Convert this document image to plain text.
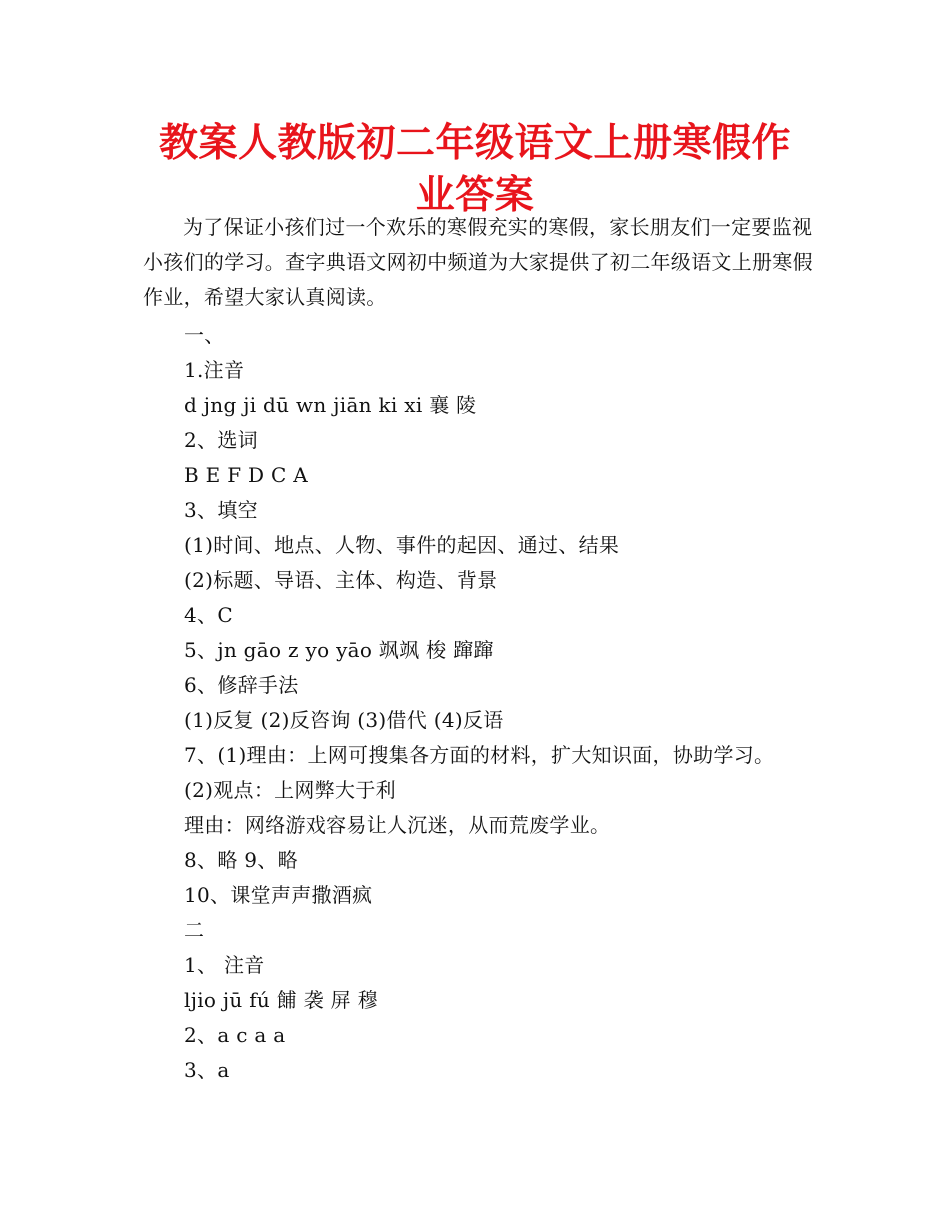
教案人教版初二年级语文上册寒假作业答案
为了保证小孩们过一个欢乐的寒假充实的寒假，家长朋友们一定要监视小孩们的学习。查字典语文网初中频道为大家提供了初二年级语文上册寒假作业，希望大家认真阅读。
一、
1.注音
d jng ji dū wn jiān ki xi 襄 陵
2、选词
B E F D C A
3、填空
(1)时间、地点、人物、事件的起因、通过、结果
(2)标题、导语、主体、构造、背景
4、C
5、jn gāo z yo yāo 飒飒 梭 蹿蹿
6、修辞手法
(1)反复 (2)反咨询 (3)借代 (4)反语
7、(1)理由：上网可搜集各方面的材料，扩大知识面，协助学习。
(2)观点：上网弊大于利
理由：网络游戏容易让人沉迷，从而荒废学业。
8、略 9、略
10、课堂声声撒酒疯
二
1、 注音
ljio jū fú 餔 袭 屏 穆
2、a c a a
3、a
